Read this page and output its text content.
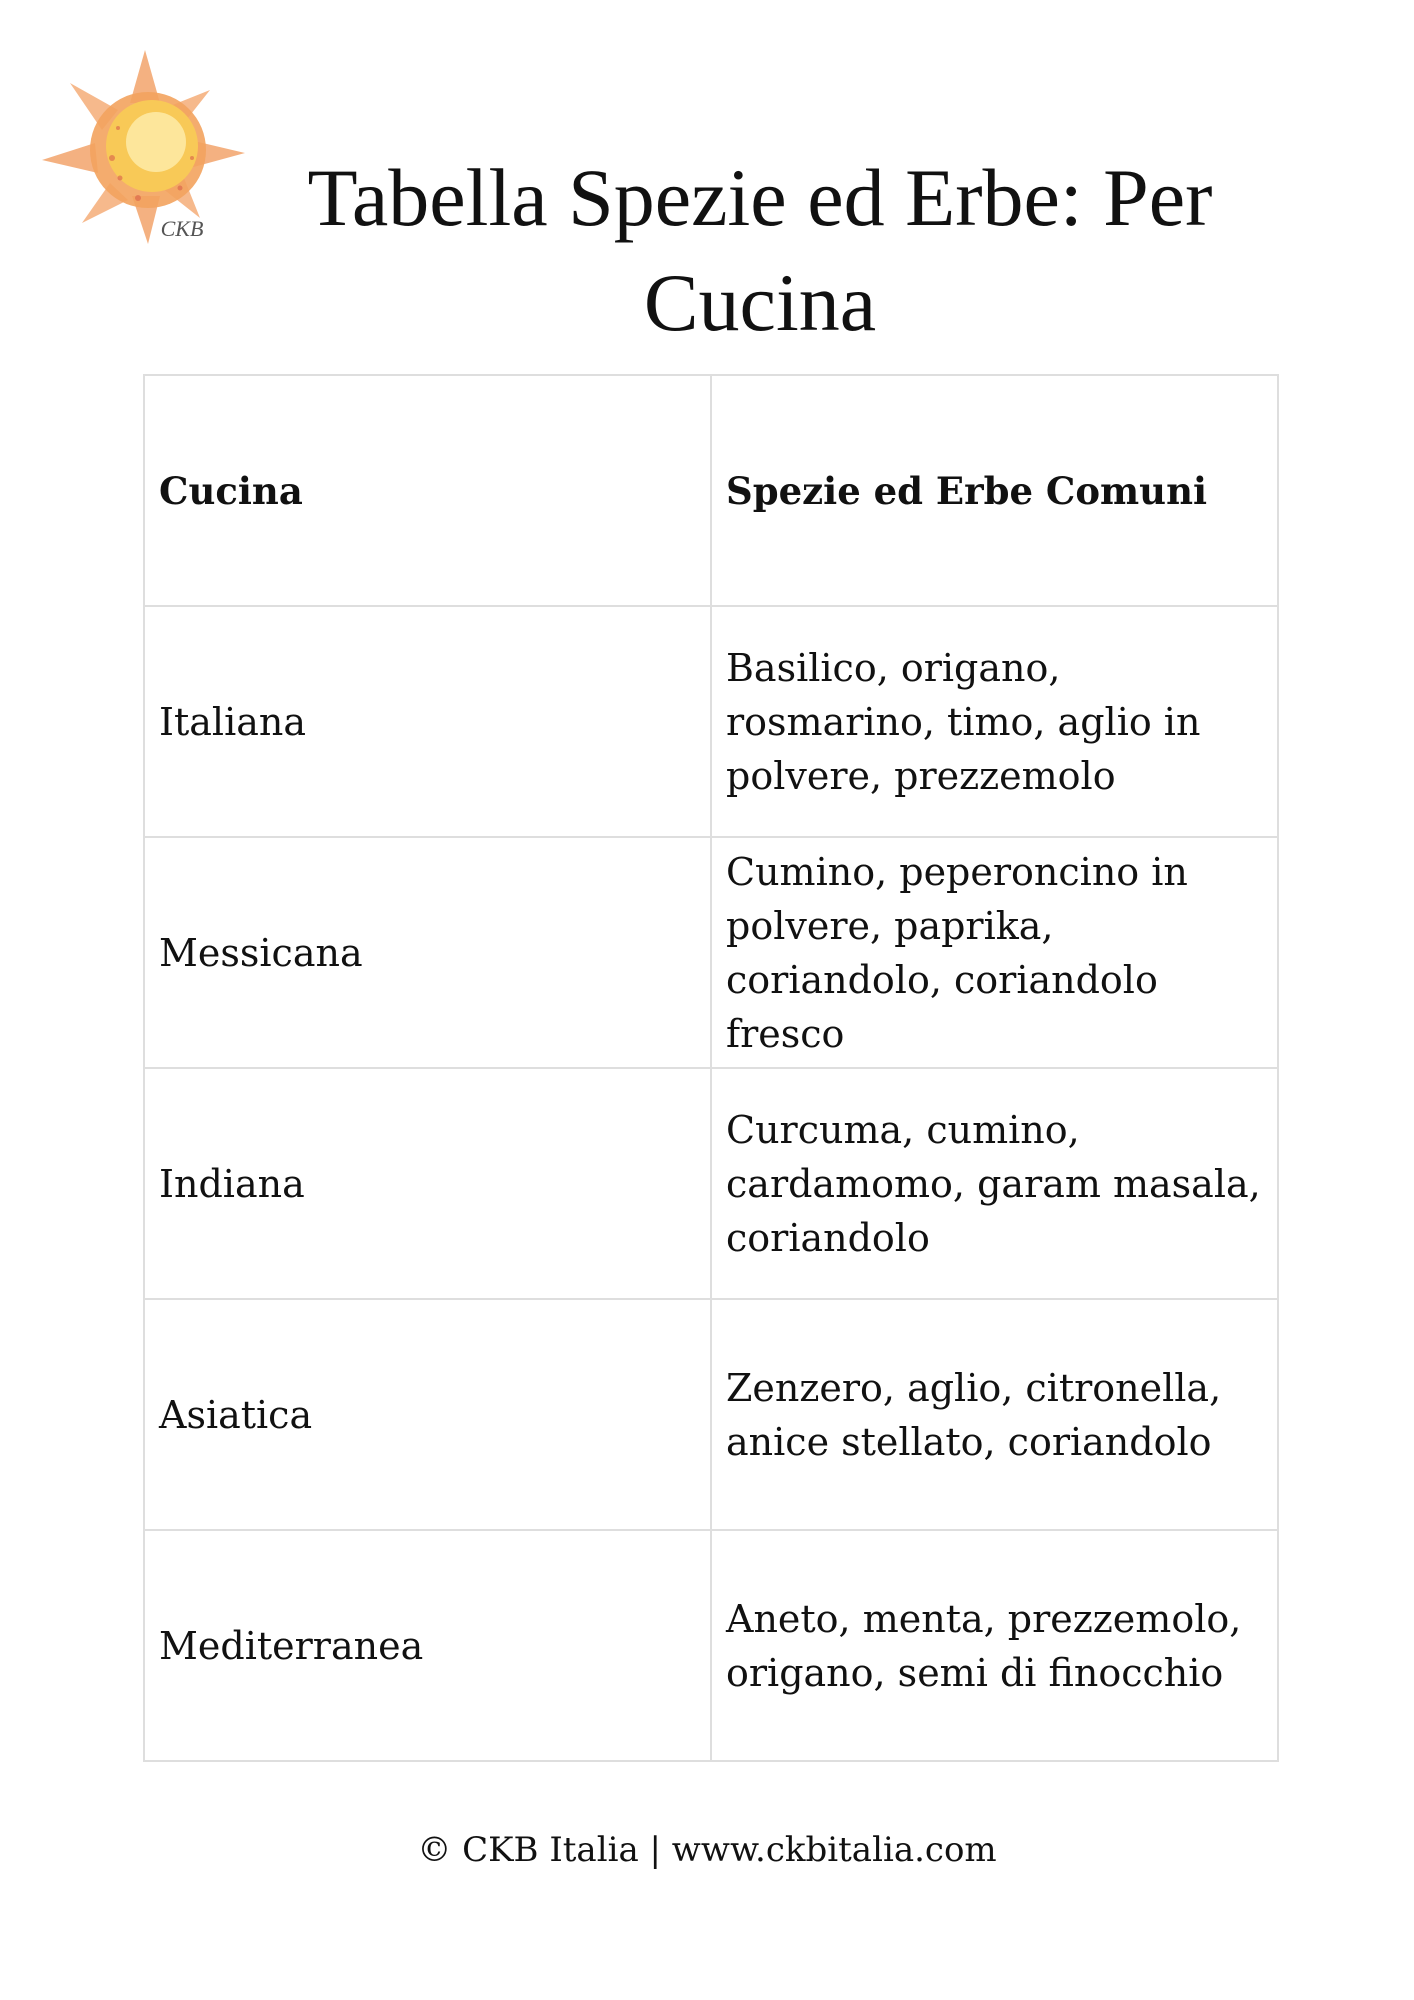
CKB	Tabella Spezie ed Erbe: Per Cucina
Cucina	Spezie ed Erbe Comuni
Italiana	Basilico, origano, rosmarino, timo, aglio in polvere, prezzemolo
Messicana	Cumino, peperoncino in polvere, paprika, coriandolo, coriandolo fresco
Indiana	Curcuma, cumino, cardamomo, garam masala, coriandolo
Asiatica	Zenzero, aglio, citronella, anice stellato, coriandolo
Mediterranea	Aneto, menta, prezzemolo, origano, semi di finocchio
© CKB Italia | www.ckbitalia.com
